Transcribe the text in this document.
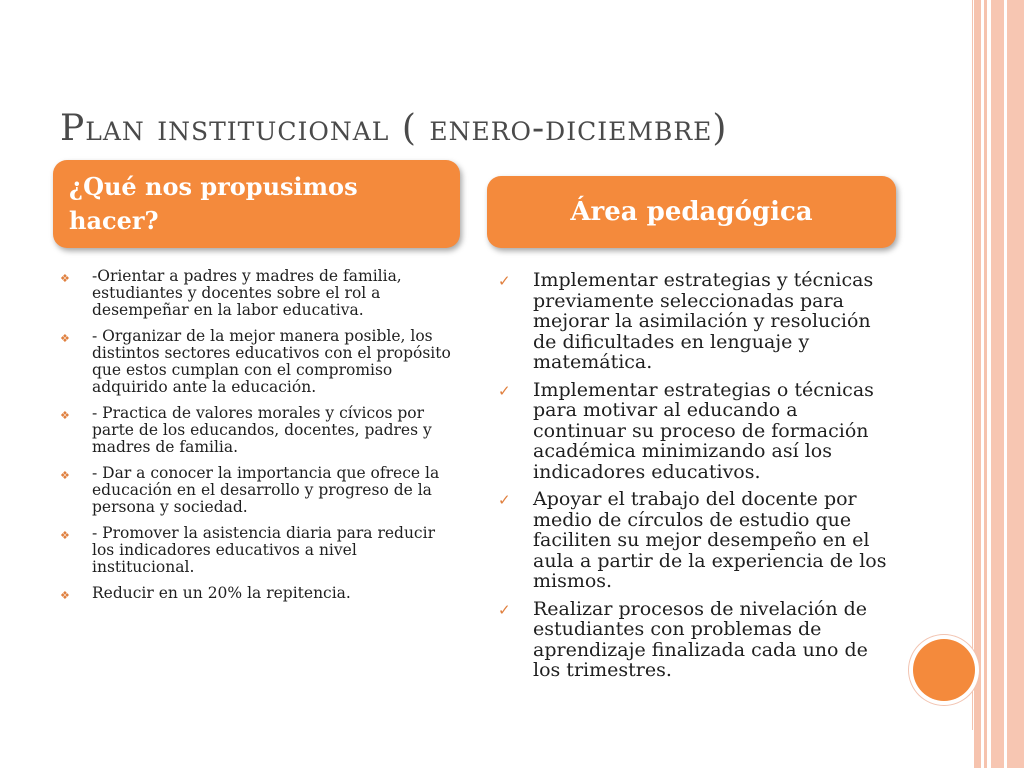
Plan institucional ( enero-diciembre)
¿Qué nos propusimos hacer?	Área pedagógica
❖ -Orientar a padres y madres de familia, estudiantes y docentes sobre el rol a desempeñar en la labor educativa.
❖ - Organizar de la mejor manera posible, los distintos sectores educativos con el propósito que estos cumplan con el compromiso adquirido ante la educación.
❖ - Practica de valores morales y cívicos por parte de los educandos, docentes, padres y madres de familia.
❖ - Dar a conocer la importancia que ofrece la educación en el desarrollo y progreso de la persona y sociedad.
❖ - Promover la asistencia diaria para reducir los indicadores educativos a nivel institucional.
❖ Reducir en un 20% la repitencia.
✓ Implementar estrategias y técnicas previamente seleccionadas para mejorar la asimilación y resolución de dificultades en lenguaje y matemática.
✓ Implementar estrategias o técnicas para motivar al educando a continuar su proceso de formación académica minimizando así los indicadores educativos.
✓ Apoyar el trabajo del docente por medio de círculos de estudio que faciliten su mejor desempeño en el aula a partir de la experiencia de los mismos.
✓ Realizar procesos de nivelación de estudiantes con problemas de aprendizaje finalizada cada uno de los trimestres.
